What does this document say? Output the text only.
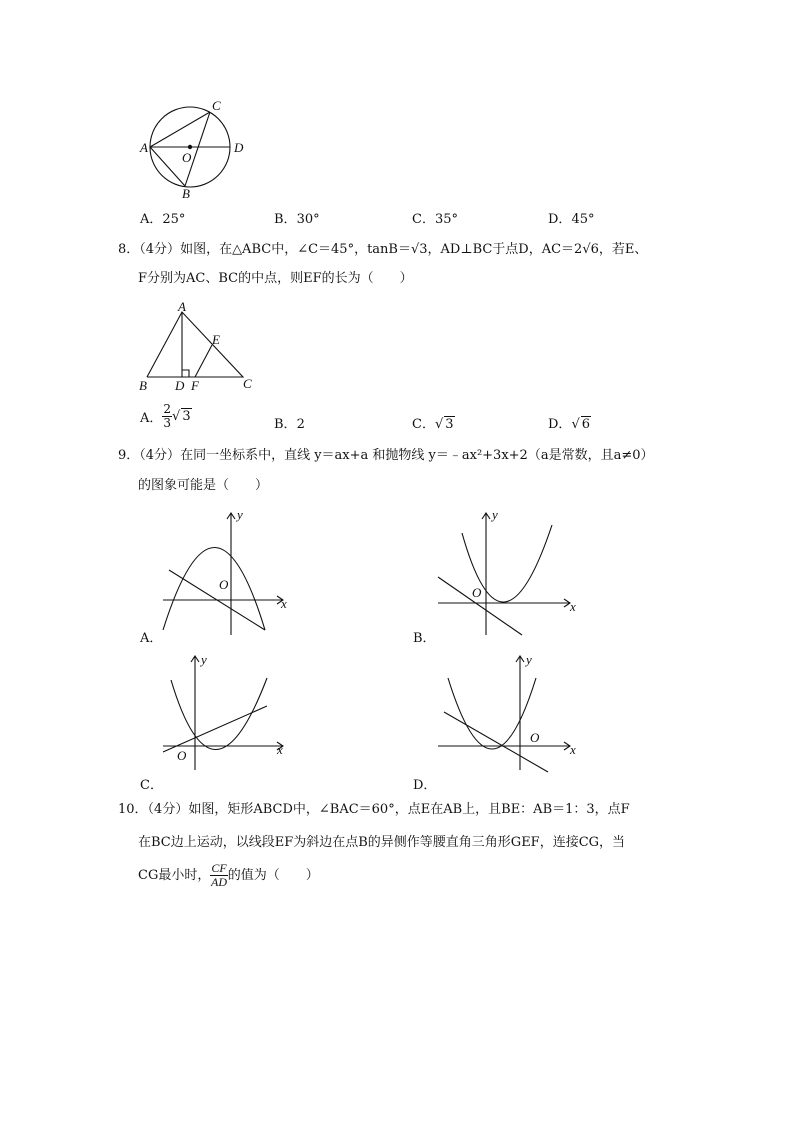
A
C
D
O
B
A．25°	B．30°	C．35°	D．45°
8．（4分）如图，在△ABC中，∠C＝45°，tanB＝√3，AD⊥BC于点D，AC＝2√6，若E、
F分别为AC、BC的中点，则EF的长为（　　）
A
E
B D F	C
A． $\frac{2}{3}$ √ 3
B．2	C．√ 3	D．√ 6
9．（4分）在同一坐标系中，直线 y＝ax+a 和抛物线 y＝﹣ax²+3x+2（a是常数，且a≠0）
的图象可能是（　　）
O
x
y
A．
O
x
y
B．
O	x
y
C．
O
x
y
D．
10．（4分）如图，矩形ABCD中，∠BAC＝60°，点E在AB上，且BE：AB＝1：3，点F
在BC边上运动，以线段EF为斜边在点B的异侧作等腰直角三角形GEF，连接CG，当
CG最小时， $\frac{CF}{AD}$ 的值为（　　）
